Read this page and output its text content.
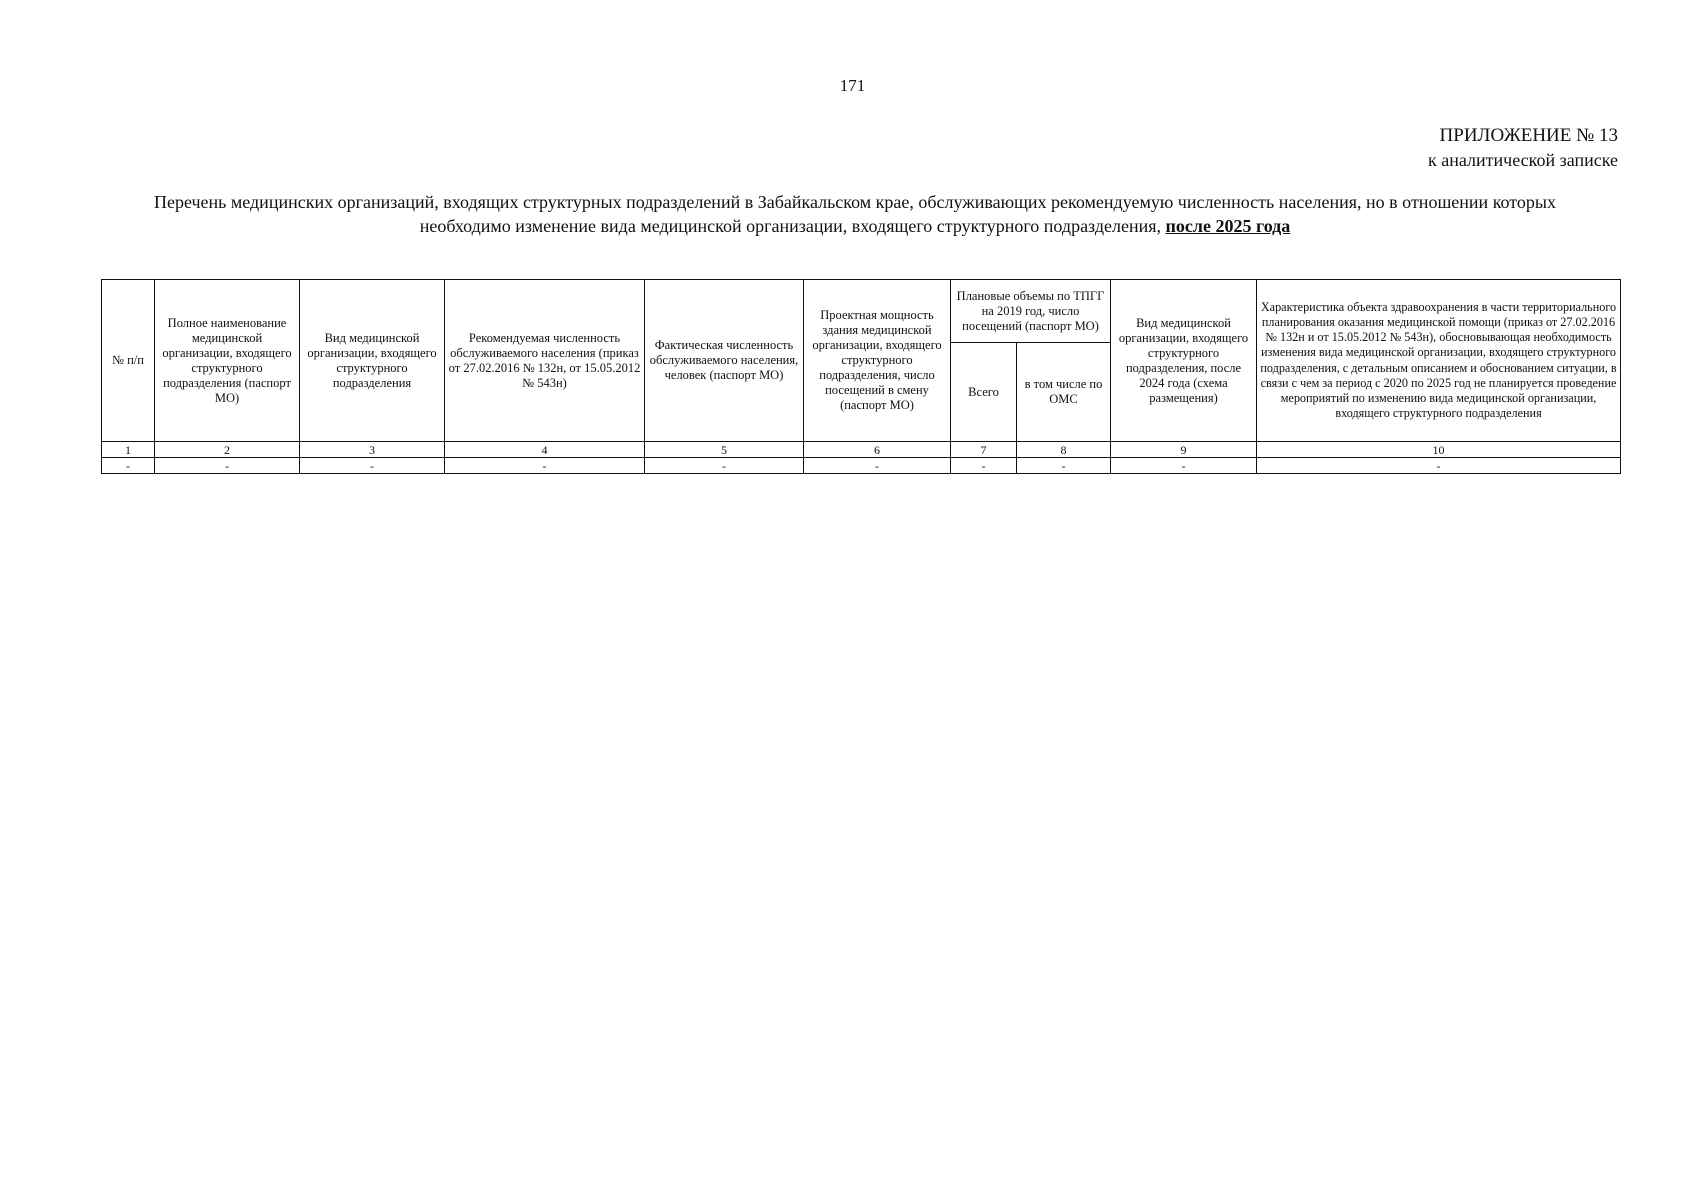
171
ПРИЛОЖЕНИЕ № 13
к аналитической записке
Перечень медицинских организаций, входящих структурных подразделений в Забайкальском крае, обслуживающих рекомендуемую численность населения, но в отношении которых необходимо изменение вида медицинской организации, входящего структурного подразделения, после 2025 года
№ п/п	Полное наименование медицинской организации, входящего структурного подразделения (паспорт МО)	Вид медицинской организации, входящего структурного подразделения	Рекомендуемая численность обслуживаемого населения (приказ от 27.02.2016 № 132н, от 15.05.2012 № 543н)	Фактическая численность обслуживаемого населения, человек (паспорт МО)	Проектная мощность здания медицинской организации, входящего структурного подразделения, число посещений в смену (паспорт МО)	Плановые объемы по ТПГГ на 2019 год, число посещений (паспорт МО)		Вид медицинской организации, входящего структурного подразделения, после 2024 года (схема размещения)	Характеристика объекта здравоохранения в части территориального планирования оказания медицинской помощи (приказ от 27.02.2016 № 132н и от 15.05.2012 № 543н), обосновывающая необходимость изменения вида медицинской организации, входящего структурного подразделения, с детальным описанием и обоснованием ситуации, в связи с чем за период с 2020 по 2025 год не планируется проведение мероприятий по изменению вида медицинской организации, входящего структурного подразделения
						Всего	в том числе по ОМС		
1	2	3	4	5	6	7	8	9	10
-	-	-	-	-	-	-	-	-	-
